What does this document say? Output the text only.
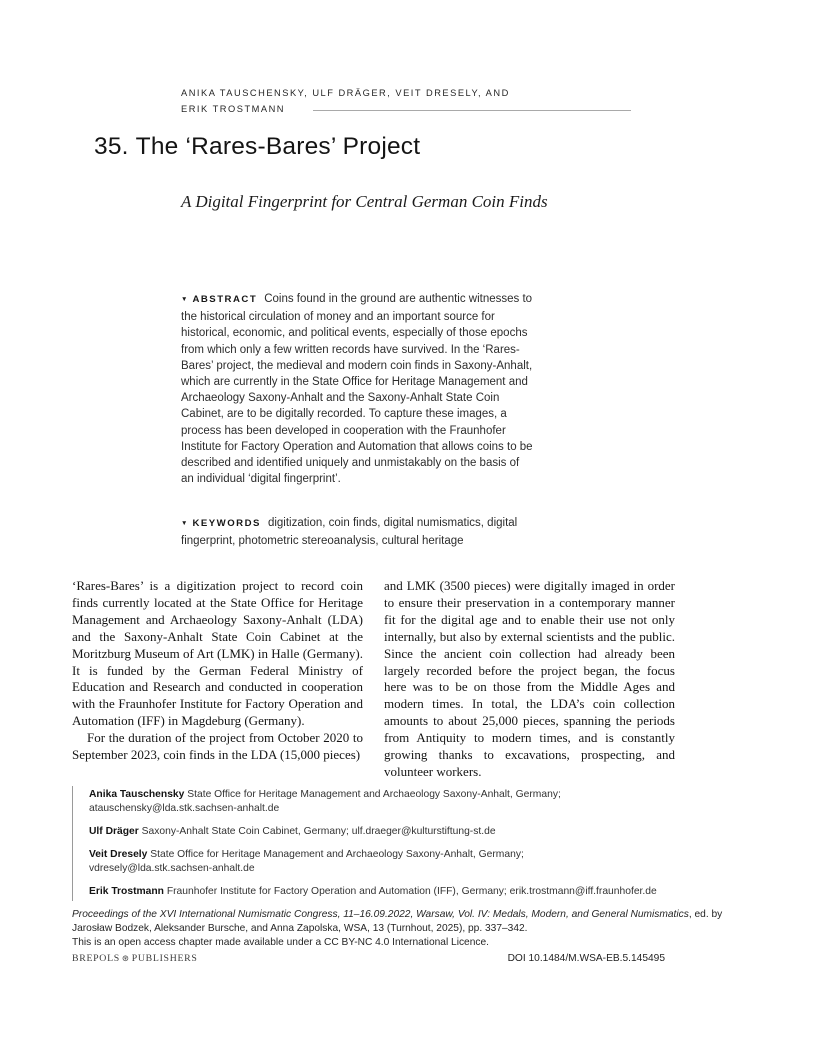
ANIKA TAUSCHENSKY, ULF DRÄGER, VEIT DRESELY, AND
ERIK TROSTMANN
35. The ‘Rares-Bares’ Project
A Digital Fingerprint for Central German Coin Finds
▼ ABSTRACT Coins found in the ground are authentic witnesses to the historical circulation of money and an important source for historical, economic, and political events, especially of those epochs from which only a few written records have survived. In the ‘Rares-Bares’ project, the medieval and modern coin finds in Saxony-Anhalt, which are currently in the State Office for Heritage Management and Archaeology Saxony-Anhalt and the Saxony-Anhalt State Coin Cabinet, are to be digitally recorded. To capture these images, a process has been developed in cooperation with the Fraunhofer Institute for Factory Operation and Automation that allows coins to be described and identified uniquely and unmistakably on the basis of an individual ‘digital fingerprint’.
▼ KEYWORDS digitization, coin finds, digital numismatics, digital fingerprint, photometric stereoanalysis, cultural heritage

‘Rares-Bares’ is a digitization project to record coin finds currently located at the State Office for Heritage Management and Archaeology Saxony-Anhalt (LDA) and the Saxony-Anhalt State Coin Cabinet at the Moritzburg Museum of Art (LMK) in Halle (Germany). It is funded by the German Federal Ministry of Education and Research and conducted in cooperation with the Fraunhofer Institute for Factory Operation and Automation (IFF) in Magdeburg (Germany).

For the duration of the project from October 2020 to September 2023, coin finds in the LDA (15,000 pieces)

and LMK (3500 pieces) were digitally imaged in order to ensure their preservation in a contemporary manner fit for the digital age and to enable their use not only internally, but also by external scientists and the public. Since the ancient coin collection had already been largely recorded before the project began, the focus here was to be on those from the Middle Ages and modern times. In total, the LDA’s coin collection amounts to about 25,000 pieces, spanning the periods from Antiquity to modern times, and is constantly growing thanks to excavations, prospecting, and volunteer workers.

Anika Tauschensky State Office for Heritage Management and Archaeology Saxony-Anhalt, Germany;
atauschensky@lda.stk.sachsen-anhalt.de
Ulf Dräger Saxony-Anhalt State Coin Cabinet, Germany; ulf.draeger@kulturstiftung-st.de
Veit Dresely State Office for Heritage Management and Archaeology Saxony-Anhalt, Germany;
vdresely@lda.stk.sachsen-anhalt.de
Erik Trostmann Fraunhofer Institute for Factory Operation and Automation (IFF), Germany; erik.trostmann@iff.fraunhofer.de

Proceedings of the XVI International Numismatic Congress, 11–16.09.2022, Warsaw, Vol. IV: Medals, Modern, and General Numismatics, ed. by Jarosław Bodzek, Aleksander Bursche, and Anna Zapolska, WSA, 13 (Turnhout, 2025), pp. 337–342.

This is an open access chapter made available under a CC BY-NC 4.0 International Licence.

BREPOLS ⊛ PUBLISHERS	DOI 10.1484/M.WSA-EB.5.145495
